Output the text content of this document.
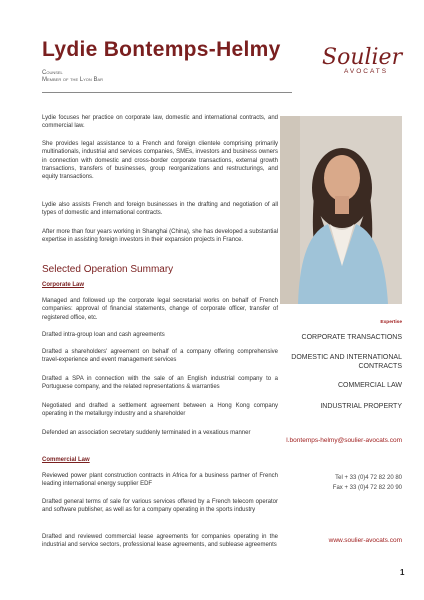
Lydie Bontemps-Helmy
Counsel
Member of the Lyon Bar
Soulier
AVOCATS
Lydie focuses her practice on corporate law, domestic and international contracts, and commercial law.
She provides legal assistance to a French and foreign clientele comprising primarily multinationals, industrial and services companies, SMEs, investors and business owners in connection with domestic and cross-border corporate transactions, external growth transactions, transfers of businesses, group reorganizations and restructurings, and equity transactions.
Lydie also assists French and foreign businesses in the drafting and negotiation of all types of domestic and international contracts.
After more than four years working in Shanghai (China), she has developed a substantial expertise in assisting foreign investors in their expansion projects in France.
Selected Operation Summary
Corporate Law
Managed and followed up the corporate legal secretarial works on behalf of French companies: approval of financial statements, change of corporate officer, transfer of registered office, etc.
Drafted intra-group loan and cash agreements
Drafted a shareholders' agreement on behalf of a company offering comprehensive travel-experience and event management services
Drafted a SPA in connection with the sale of an English industrial company to a Portuguese company, and the related representations & warranties
Negotiated and drafted a settlement agreement between a Hong Kong company operating in the metallurgy industry and a shareholder
Defended an association secretary suddenly terminated in a vexatious manner
Commercial Law
Reviewed power plant construction contracts in Africa for a business partner of French leading international energy supplier EDF
Drafted general terms of sale for various services offered by a French telecom operator and software publisher, as well as for a company operating in the sports industry
Drafted and reviewed commercial lease agreements for companies operating in the industrial and service sectors, professional lease agreements, and sublease agreements
Expertise
CORPORATE TRANSACTIONS
DOMESTIC AND INTERNATIONAL CONTRACTS
COMMERCIAL LAW
INDUSTRIAL PROPERTY
l.bontemps-helmy@soulier-avocats.com
Tel + 33 (0)4 72 82 20 80
Fax + 33 (0)4 72 82 20 90
www.soulier-avocats.com
1
